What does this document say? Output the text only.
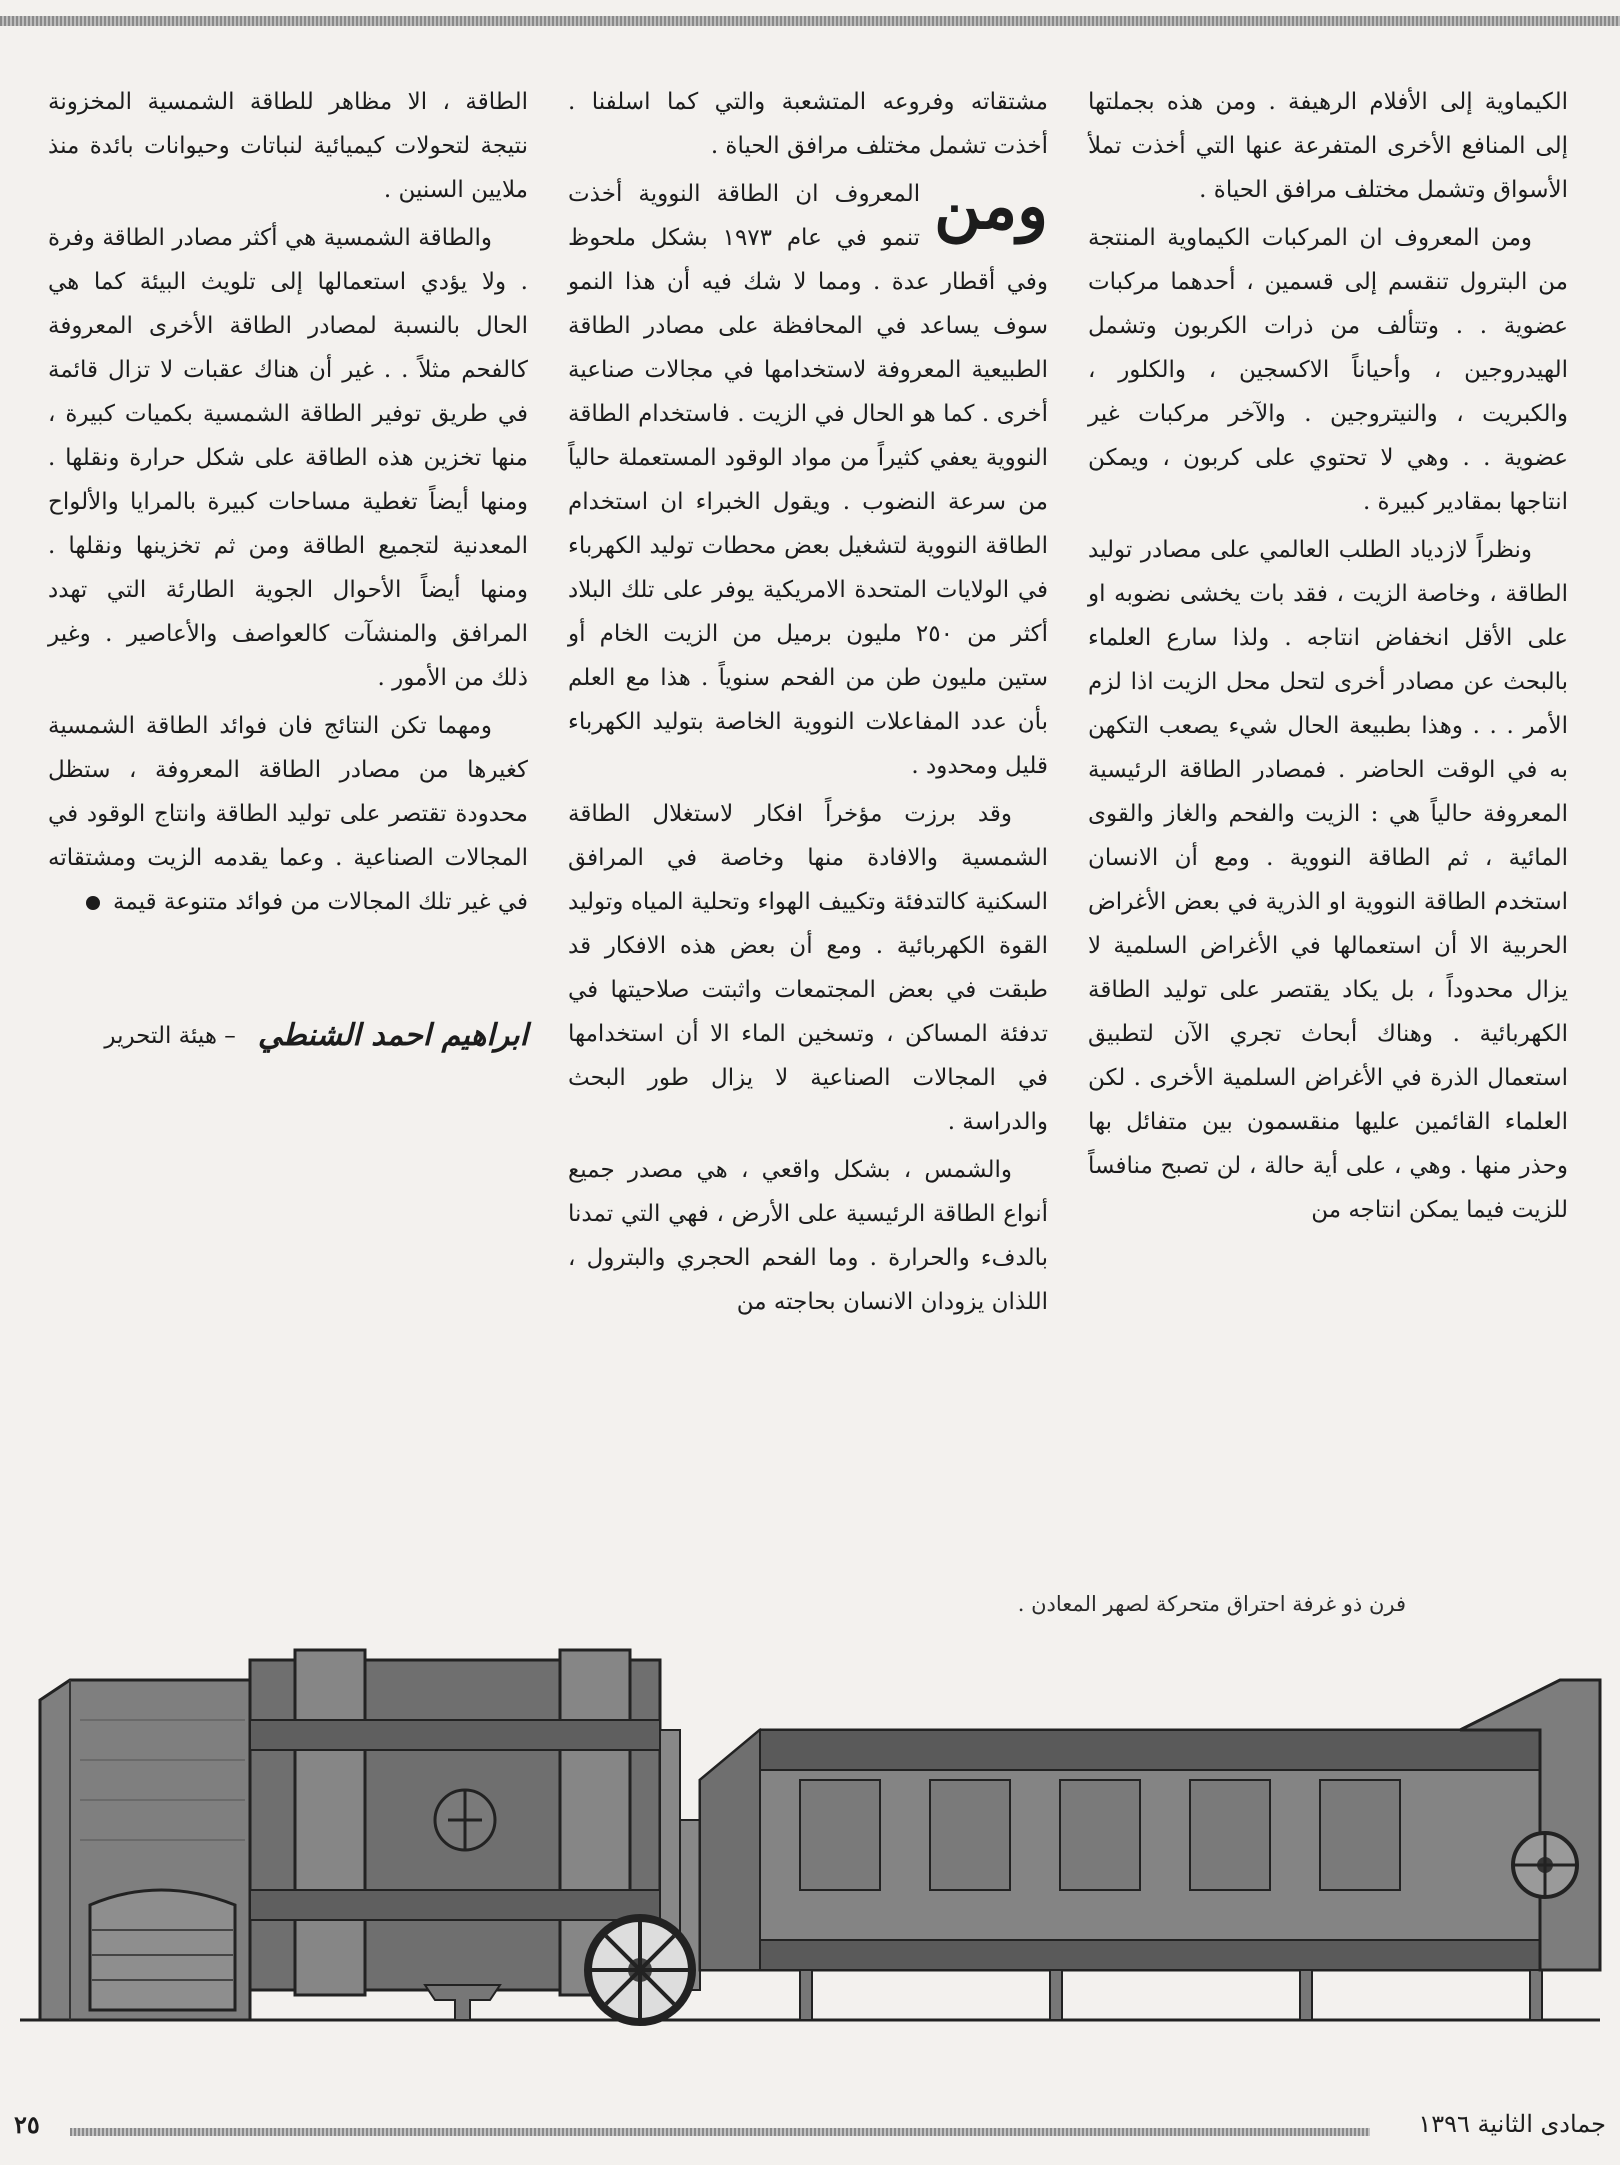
الكيماوية إلى الأفلام الرهيفة . ومن هذه بجملتها إلى المنافع الأخرى المتفرعة عنها التي أخذت تملأ الأسواق وتشمل مختلف مرافق الحياة .

ومن المعروف ان المركبات الكيماوية المنتجة من البترول تنقسم إلى قسمين ، أحدهما مركبات عضوية . . وتتألف من ذرات الكربون وتشمل الهيدروجين ، وأحياناً الاكسجين ، والكلور ، والكبريت ، والنيتروجين . والآخر مركبات غير عضوية . . وهي لا تحتوي على كربون ، ويمكن انتاجها بمقادير كبيرة .

ونظراً لازدياد الطلب العالمي على مصادر توليد الطاقة ، وخاصة الزيت ، فقد بات يخشى نضوبه او على الأقل انخفاض انتاجه . ولذا سارع العلماء بالبحث عن مصادر أخرى لتحل محل الزيت اذا لزم الأمر . . . وهذا بطبيعة الحال شيء يصعب التكهن به في الوقت الحاضر . فمصادر الطاقة الرئيسية المعروفة حالياً هي : الزيت والفحم والغاز والقوى المائية ، ثم الطاقة النووية . ومع أن الانسان استخدم الطاقة النووية او الذرية في بعض الأغراض الحربية الا أن استعمالها في الأغراض السلمية لا يزال محدوداً ، بل يكاد يقتصر على توليد الطاقة الكهربائية . وهناك أبحاث تجري الآن لتطبيق استعمال الذرة في الأغراض السلمية الأخرى . لكن العلماء القائمين عليها منقسمون بين متفائل بها وحذر منها . وهي ، على أية حالة ، لن تصبح منافساً للزيت فيما يمكن انتاجه من

مشتقاته وفروعه المتشعبة والتي كما اسلفنا . أخذت تشمل مختلف مرافق الحياة .

ومن
المعروف ان الطاقة النووية أخذت تنمو في عام ١٩٧٣ بشكل ملحوظ وفي أقطار عدة . ومما لا شك فيه أن هذا النمو سوف يساعد في المحافظة على مصادر الطاقة الطبيعية المعروفة لاستخدامها في مجالات صناعية أخرى . كما هو الحال في الزيت . فاستخدام الطاقة النووية يعفي كثيراً من مواد الوقود المستعملة حالياً من سرعة النضوب . ويقول الخبراء ان استخدام الطاقة النووية لتشغيل بعض محطات توليد الكهرباء في الولايات المتحدة الامريكية يوفر على تلك البلاد أكثر من ٢٥٠ مليون برميل من الزيت الخام أو ستين مليون طن من الفحم سنوياً . هذا مع العلم بأن عدد المفاعلات النووية الخاصة بتوليد الكهرباء قليل ومحدود .

وقد برزت مؤخراً افكار لاستغلال الطاقة الشمسية والافادة منها وخاصة في المرافق السكنية كالتدفئة وتكييف الهواء وتحلية المياه وتوليد القوة الكهربائية . ومع أن بعض هذه الافكار قد طبقت في بعض المجتمعات واثبتت صلاحيتها في تدفئة المساكن ، وتسخين الماء الا أن استخدامها في المجالات الصناعية لا يزال طور البحث والدراسة .

والشمس ، بشكل واقعي ، هي مصدر جميع أنواع الطاقة الرئيسية على الأرض ، فهي التي تمدنا بالدفء والحرارة . وما الفحم الحجري والبترول ، اللذان يزودان الانسان بحاجته من

الطاقة ، الا مظاهر للطاقة الشمسية المخزونة نتيجة لتحولات كيميائية لنباتات وحيوانات بائدة منذ ملايين السنين .

والطاقة الشمسية هي أكثر مصادر الطاقة وفرة . ولا يؤدي استعمالها إلى تلويث البيئة كما هي الحال بالنسبة لمصادر الطاقة الأخرى المعروفة كالفحم مثلاً . . غير أن هناك عقبات لا تزال قائمة في طريق توفير الطاقة الشمسية بكميات كبيرة ، منها تخزين هذه الطاقة على شكل حرارة ونقلها . ومنها أيضاً تغطية مساحات كبيرة بالمرايا والألواح المعدنية لتجميع الطاقة ومن ثم تخزينها ونقلها . ومنها أيضاً الأحوال الجوية الطارئة التي تهدد المرافق والمنشآت كالعواصف والأعاصير . وغير ذلك من الأمور .

ومهما تكن النتائج فان فوائد الطاقة الشمسية كغيرها من مصادر الطاقة المعروفة ، ستظل محدودة تقتصر على توليد الطاقة وانتاج الوقود في المجالات الصناعية . وعما يقدمه الزيت ومشتقاته في غير تلك المجالات من فوائد متنوعة قيمة

ابراهيم احمد الشنطي
– هيئة التحرير
فرن ذو غرفة احتراق متحركة لصهر المعادن .
٢٥	جمادى الثانية ١٣٩٦
